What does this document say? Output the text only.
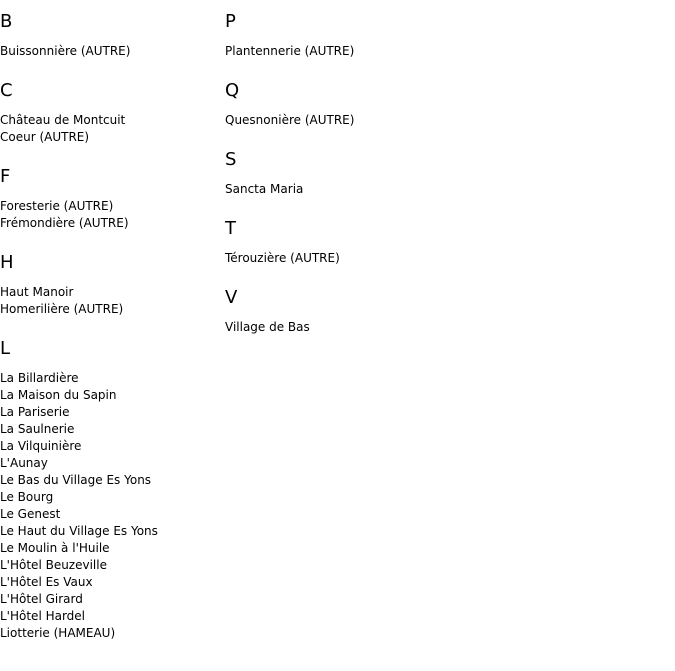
B
Buissonnière (AUTRE)
C
Château de Montcuit
Coeur (AUTRE)
F
Foresterie (AUTRE)
Frémondière (AUTRE)
H
Haut Manoir
Homerilière (AUTRE)
L
La Billardière
La Maison du Sapin
La Pariserie
La Saulnerie
La Vilquinière
L'Aunay
Le Bas du Village Es Yons
Le Bourg
Le Genest
Le Haut du Village Es Yons
Le Moulin à l'Huile
L'Hôtel Beuzeville
L'Hôtel Es Vaux
L'Hôtel Girard
L'Hôtel Hardel
Liotterie (HAMEAU)
P
Plantennerie (AUTRE)
Q
Quesnonière (AUTRE)
S
Sancta Maria
T
Térouzière (AUTRE)
V
Village de Bas
